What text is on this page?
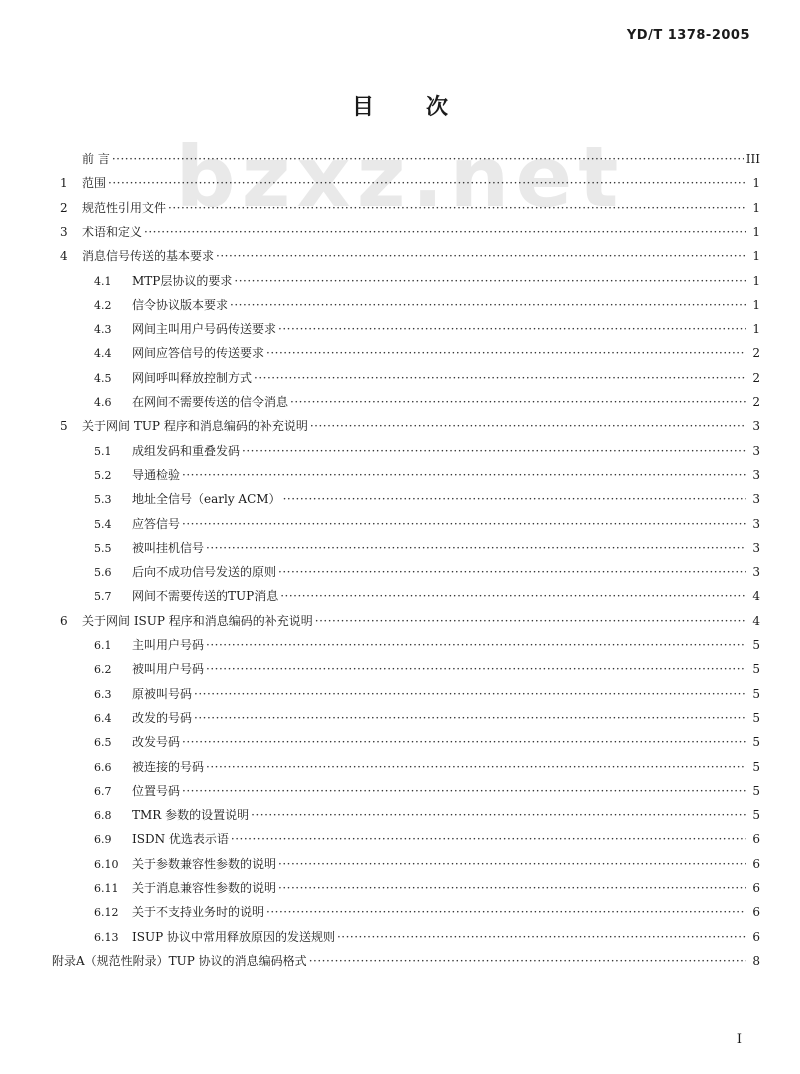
YD/T 1378-2005
目次
bzxz.net
前 言 ·····	III
1	范围 ·····	1
2	规范性引用文件 ·····	1
3	术语和定义 ·····	1
4	消息信号传送的基本要求 ·····	1
4.1	MTP层协议的要求 ·····	1
4.2	信令协议版本要求 ·····	1
4.3	网间主叫用户号码传送要求 ·····	1
4.4	网间应答信号的传送要求 ·····	2
4.5	网间呼叫释放控制方式 ·····	2
4.6	在网间不需要传送的信令消息 ·····	2
5	关于网间 TUP 程序和消息编码的补充说明 ·····	3
5.1	成组发码和重叠发码 ·····	3
5.2	导通检验 ·····	3
5.3	地址全信号（early ACM） ·····	3
5.4	应答信号 ·····	3
5.5	被叫挂机信号 ·····	3
5.6	后向不成功信号发送的原则 ·····	3
5.7	网间不需要传送的TUP消息 ·····	4
6	关于网间 ISUP 程序和消息编码的补充说明 ·····	4
6.1	主叫用户号码 ·····	5
6.2	被叫用户号码 ·····	5
6.3	原被叫号码 ·····	5
6.4	改发的号码 ·····	5
6.5	改发号码 ·····	5
6.6	被连接的号码 ·····	5
6.7	位置号码 ·····	5
6.8	TMR 参数的设置说明 ·····	5
6.9	ISDN 优选表示语 ·····	6
6.10	关于参数兼容性参数的说明 ·····	6
6.11	关于消息兼容性参数的说明 ·····	6
6.12	关于不支持业务时的说明 ·····	6
6.13	ISUP 协议中常用释放原因的发送规则 ·····	6
附录A（规范性附录）TUP 协议的消息编码格式 ·····	8
I
